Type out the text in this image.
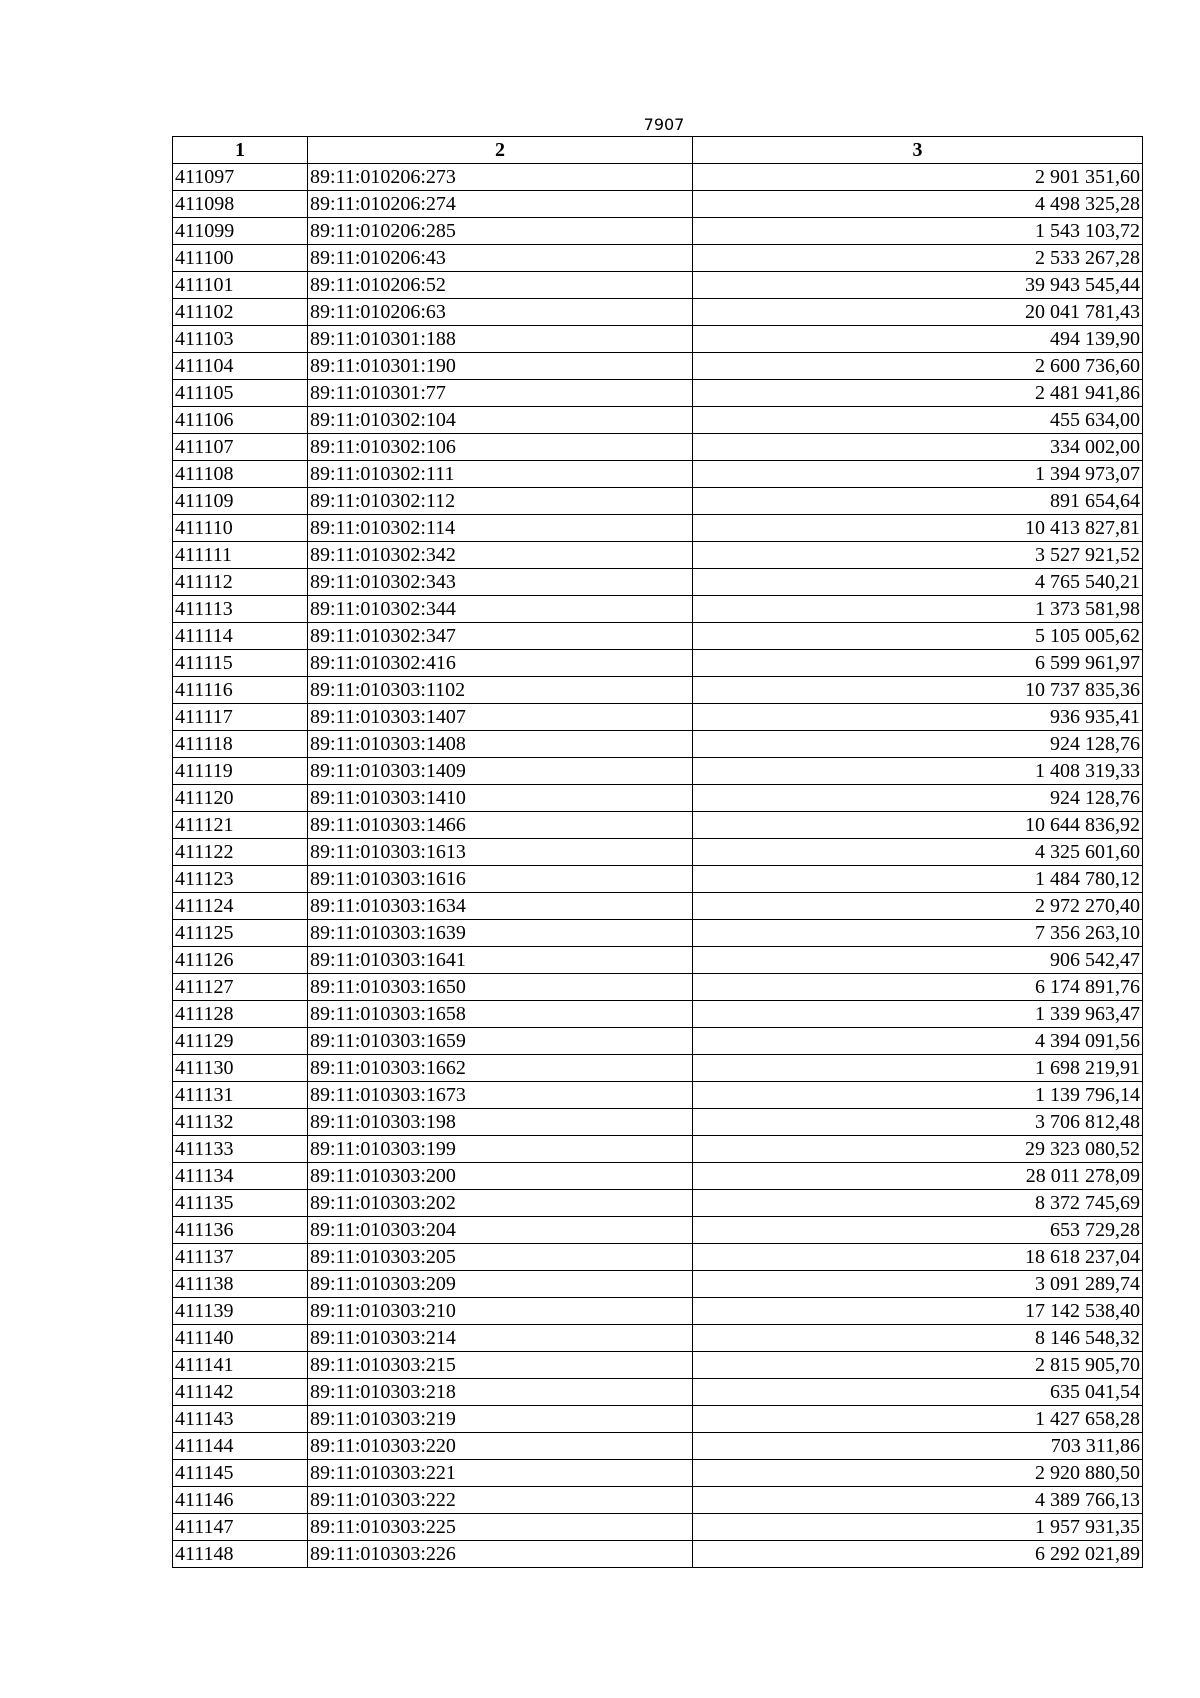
7907
1	2	3
411097	89:11:010206:273	2 901 351,60
411098	89:11:010206:274	4 498 325,28
411099	89:11:010206:285	1 543 103,72
411100	89:11:010206:43	2 533 267,28
411101	89:11:010206:52	39 943 545,44
411102	89:11:010206:63	20 041 781,43
411103	89:11:010301:188	494 139,90
411104	89:11:010301:190	2 600 736,60
411105	89:11:010301:77	2 481 941,86
411106	89:11:010302:104	455 634,00
411107	89:11:010302:106	334 002,00
411108	89:11:010302:111	1 394 973,07
411109	89:11:010302:112	891 654,64
411110	89:11:010302:114	10 413 827,81
411111	89:11:010302:342	3 527 921,52
411112	89:11:010302:343	4 765 540,21
411113	89:11:010302:344	1 373 581,98
411114	89:11:010302:347	5 105 005,62
411115	89:11:010302:416	6 599 961,97
411116	89:11:010303:1102	10 737 835,36
411117	89:11:010303:1407	936 935,41
411118	89:11:010303:1408	924 128,76
411119	89:11:010303:1409	1 408 319,33
411120	89:11:010303:1410	924 128,76
411121	89:11:010303:1466	10 644 836,92
411122	89:11:010303:1613	4 325 601,60
411123	89:11:010303:1616	1 484 780,12
411124	89:11:010303:1634	2 972 270,40
411125	89:11:010303:1639	7 356 263,10
411126	89:11:010303:1641	906 542,47
411127	89:11:010303:1650	6 174 891,76
411128	89:11:010303:1658	1 339 963,47
411129	89:11:010303:1659	4 394 091,56
411130	89:11:010303:1662	1 698 219,91
411131	89:11:010303:1673	1 139 796,14
411132	89:11:010303:198	3 706 812,48
411133	89:11:010303:199	29 323 080,52
411134	89:11:010303:200	28 011 278,09
411135	89:11:010303:202	8 372 745,69
411136	89:11:010303:204	653 729,28
411137	89:11:010303:205	18 618 237,04
411138	89:11:010303:209	3 091 289,74
411139	89:11:010303:210	17 142 538,40
411140	89:11:010303:214	8 146 548,32
411141	89:11:010303:215	2 815 905,70
411142	89:11:010303:218	635 041,54
411143	89:11:010303:219	1 427 658,28
411144	89:11:010303:220	703 311,86
411145	89:11:010303:221	2 920 880,50
411146	89:11:010303:222	4 389 766,13
411147	89:11:010303:225	1 957 931,35
411148	89:11:010303:226	6 292 021,89
